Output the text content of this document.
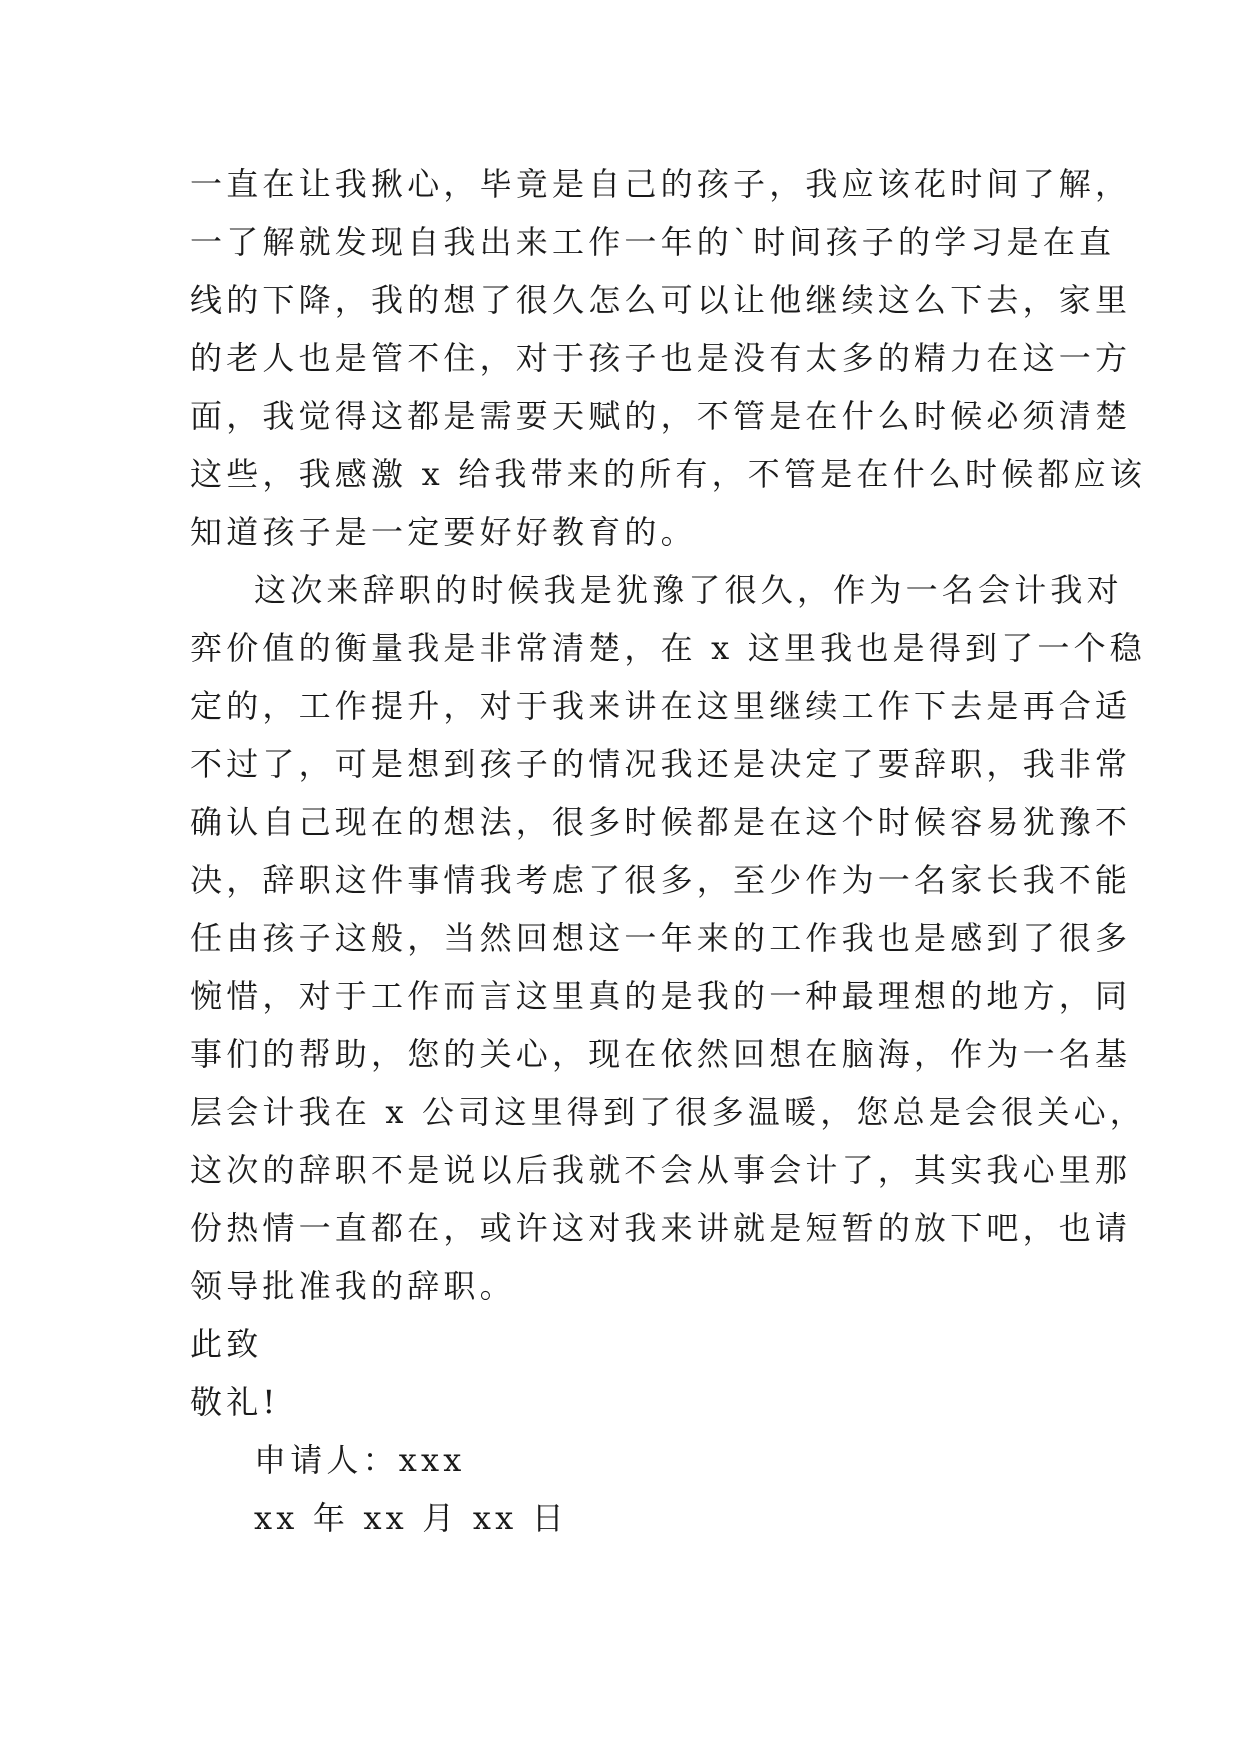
一直在让我揪心，毕竟是自己的孩子，我应该花时间了解，
一了解就发现自我出来工作一年的`时间孩子的学习是在直
线的下降，我的想了很久怎么可以让他继续这么下去，家里
的老人也是管不住，对于孩子也是没有太多的精力在这一方
面，我觉得这都是需要天赋的，不管是在什么时候必须清楚
这些，我感激 x 给我带来的所有，不管是在什么时候都应该
知道孩子是一定要好好教育的。
这次来辞职的时候我是犹豫了很久，作为一名会计我对
弈价值的衡量我是非常清楚，在 x 这里我也是得到了一个稳
定的，工作提升，对于我来讲在这里继续工作下去是再合适
不过了，可是想到孩子的情况我还是决定了要辞职，我非常
确认自己现在的想法，很多时候都是在这个时候容易犹豫不
决，辞职这件事情我考虑了很多，至少作为一名家长我不能
任由孩子这般，当然回想这一年来的工作我也是感到了很多
惋惜，对于工作而言这里真的是我的一种最理想的地方，同
事们的帮助，您的关心，现在依然回想在脑海，作为一名基
层会计我在 x 公司这里得到了很多温暖，您总是会很关心，
这次的辞职不是说以后我就不会从事会计了，其实我心里那
份热情一直都在，或许这对我来讲就是短暂的放下吧，也请
领导批准我的辞职。
此致
敬礼!
申请人：xxx
xx 年 xx 月 xx 日
